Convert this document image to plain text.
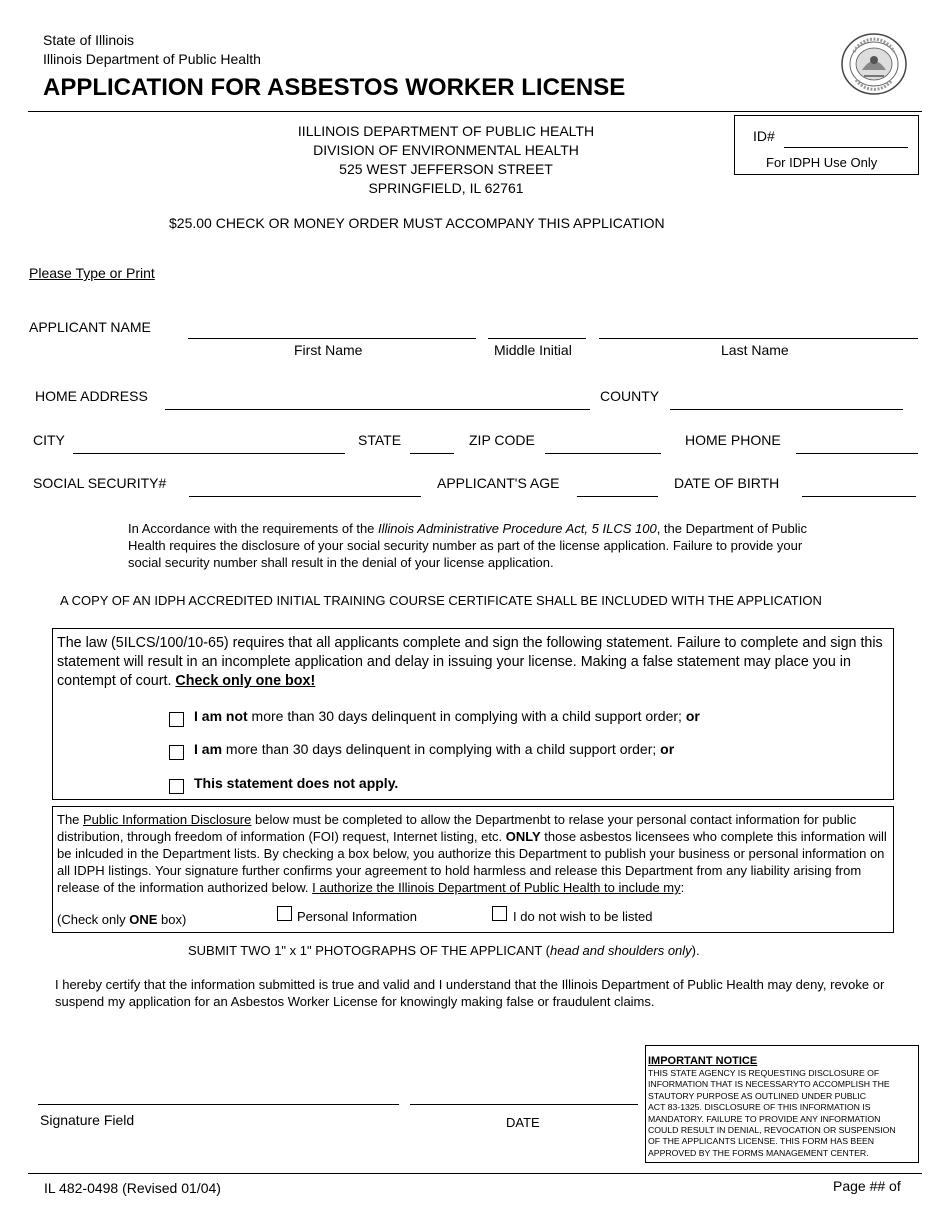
State of Illinois
Illinois Department of Public Health
APPLICATION FOR ASBESTOS WORKER LICENSE
IILLINOIS DEPARTMENT OF PUBLIC HEALTH
DIVISION OF ENVIRONMENTAL HEALTH
525 WEST JEFFERSON STREET
SPRINGFIELD, IL 62761
ID#
For IDPH Use Only
$25.00 CHECK OR MONEY ORDER MUST ACCOMPANY THIS APPLICATION
Please Type or Print
APPLICANT NAME
First Name	Middle Initial	Last Name
HOME ADDRESS	COUNTY
CITY	STATE	ZIP CODE	HOME PHONE
SOCIAL SECURITY#	APPLICANT'S AGE	DATE OF BIRTH
In Accordance with the requirements of the Illinois Administrative Procedure Act, 5 ILCS 100, the Department of Public Health requires the disclosure of your social security number as part of the license application. Failure to provide your social security number shall result in the denial of your license application.
A COPY OF AN IDPH ACCREDITED INITIAL TRAINING COURSE CERTIFICATE SHALL BE INCLUDED WITH THE APPLICATION
The law (5ILCS/100/10-65) requires that all applicants complete and sign the following statement. Failure to complete and sign this statement will result in an incomplete application and delay in issuing your license. Making a false statement may place you in contempt of court. Check only one box!
I am not more than 30 days delinquent in complying with a child support order; or
I am more than 30 days delinquent in complying with a child support order; or
This statement does not apply.
The Public Information Disclosure below must be completed to allow the Departmenbt to relase your personal contact information for public distribution, through freedom of information (FOI) request, Internet listing, etc. ONLY those asbestos licensees who complete this information will be inlcuded in the Department lists. By checking a box below, you authorize this Department to publish your business or personal information on all IDPH listings. Your signature further confirms your agreement to hold harmless and release this Department from any liability arising from release of the information authorized below. I authorize the Illinois Department of Public Health to include my:
(Check only ONE box)	Personal Information	I do not wish to be listed
SUBMIT TWO 1" x 1" PHOTOGRAPHS OF THE APPLICANT (head and shoulders only).
I hereby certify that the information submitted is true and valid and I understand that the Illinois Department of Public Health may deny, revoke or suspend my application for an Asbestos Worker License for knowingly making false or fraudulent claims.
Signature Field	DATE
IMPORTANT NOTICE
THIS STATE AGENCY IS REQUESTING DISCLOSURE OF
INFORMATION THAT IS NECESSARYTO ACCOMPLISH THE
STAUTORY PURPOSE AS OUTLINED UNDER PUBLIC
ACT 83-1325. DISCLOSURE OF THIS INFORMATION IS
MANDATORY. FAILURE TO PROVIDE ANY INFORMATION
COULD RESULT IN DENIAL, REVOCATION OR SUSPENSION
OF THE APPLICANTS LICENSE. THIS FORM HAS BEEN
APPROVED BY THE FORMS MANAGEMENT CENTER.
IL 482-0498 (Revised 01/04)	Page ## of
